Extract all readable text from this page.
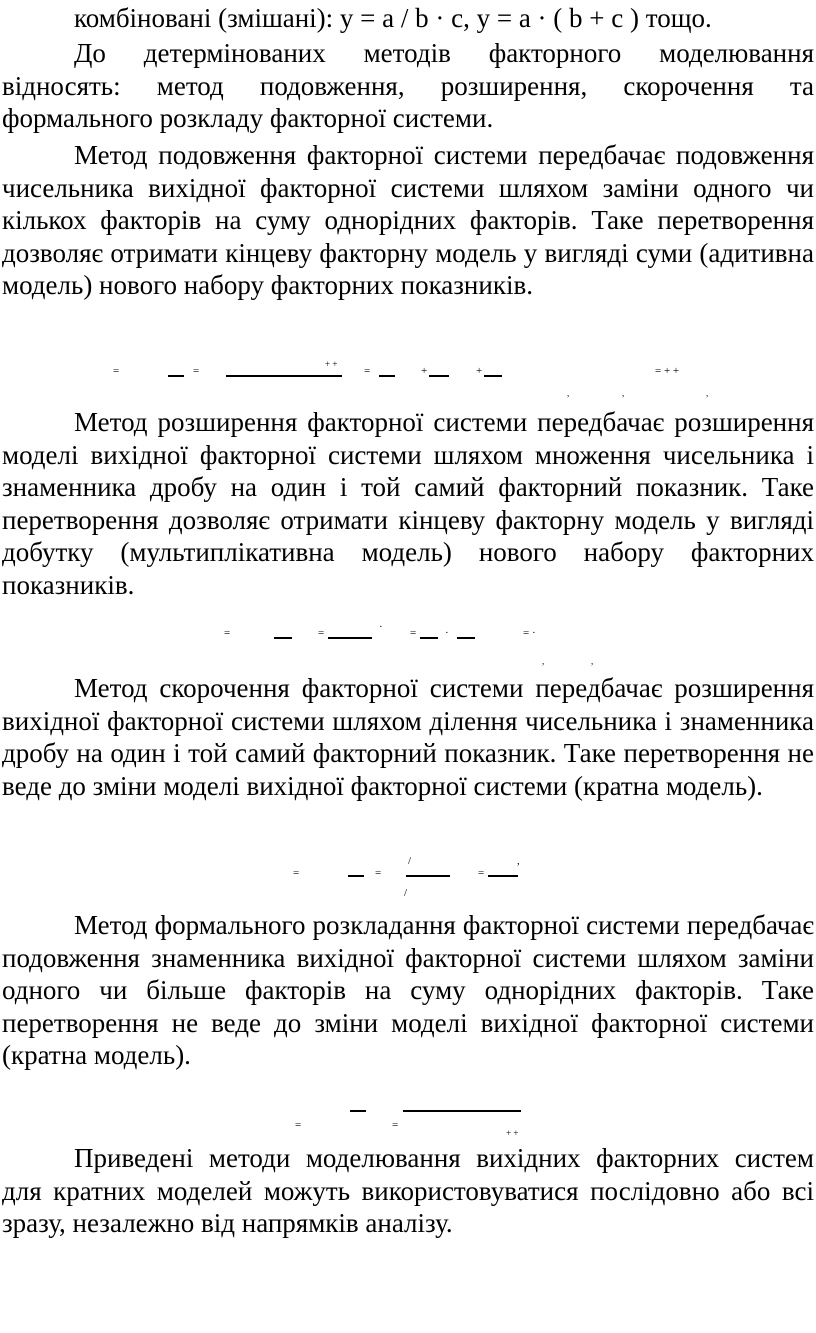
комбіновані (змішані): y = a / b · c, y = a · ( b + c ) тощо.

До детермінованих методів факторного моделювання відносять: метод подовження, розширення, скорочення та формального розкладу факторної системи.

Метод подовження факторної системи передбачає подовження чисельника вихідної факторної системи шляхом заміни одного чи кількох факторів на суму однорідних факторів. Таке перетворення дозволяє отримати кінцеву факторну модель у вигляді суми (адитивна модель) нового набору факторних показників.

=	=
+ +
=	+	+	= + +
,	,	,

Метод розширення факторної системи передбачає розширення моделі вихідної факторної системи шляхом множення чисельника і знаменника дробу на один і той самий факторний показник. Таке перетворення дозволяє отримати кінцеву факторну модель у вигляді добутку (мультиплікативна модель) нового набору факторних показників.

=	=	· =	·	= ·
,	,

Метод скорочення факторної системи передбачає розширення вихідної факторної системи шляхом ділення чисельника і знаменника дробу на один і той самий факторний показник. Таке перетворення не веде до зміни моделі вихідної факторної системи (кратна модель).

=	=
/
/
=
,

Метод формального розкладання факторної системи передбачає подовження знаменника вихідної факторної системи шляхом заміни одного чи більше факторів на суму однорідних факторів. Таке перетворення не веде до зміни моделі вихідної факторної системи (кратна модель).

=	=
+ +

Приведені методи моделювання вихідних факторних систем для кратних моделей можуть використовуватися послідовно або всі зразу, незалежно від напрямків аналізу.
